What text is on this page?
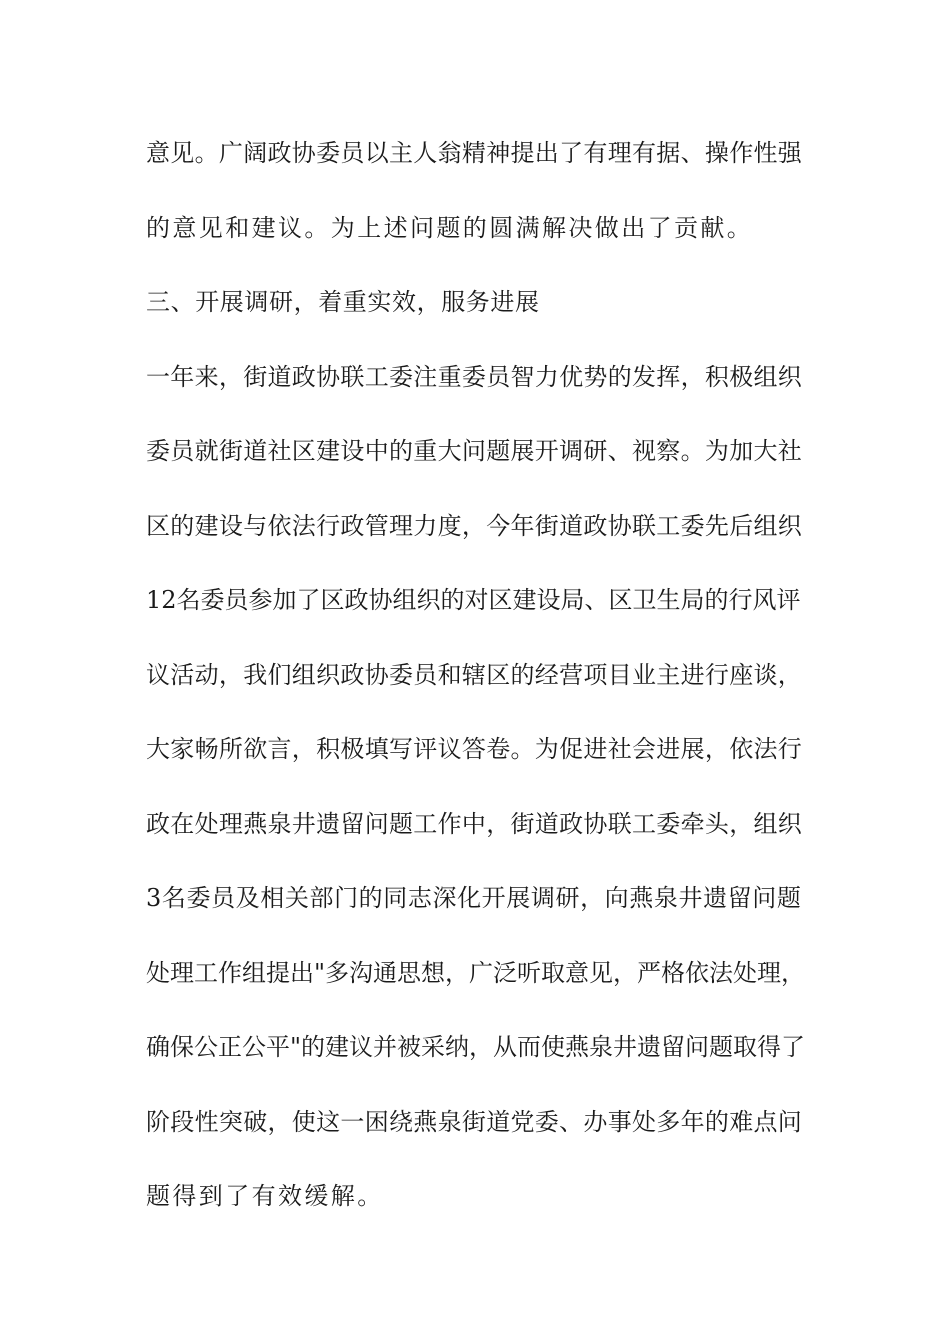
意见。广阔政协委员以主人翁精神提出了有理有据、操作性强
的意见和建议。为上述问题的圆满解决做出了贡献。
三、开展调研，着重实效，服务进展
一年来，街道政协联工委注重委员智力优势的发挥，积极组织
委员就街道社区建设中的重大问题展开调研、视察。为加大社
区的建设与依法行政管理力度，今年街道政协联工委先后组织
12名委员参加了区政协组织的对区建设局、区卫生局的行风评
议活动，我们组织政协委员和辖区的经营项目业主进行座谈，
大家畅所欲言，积极填写评议答卷。为促进社会进展，依法行
政在处理燕泉井遗留问题工作中，街道政协联工委牵头，组织
3名委员及相关部门的同志深化开展调研，向燕泉井遗留问题
处理工作组提出"多沟通思想，广泛听取意见，严格依法处理，
确保公正公平"的建议并被采纳，从而使燕泉井遗留问题取得了
阶段性突破，使这一困绕燕泉街道党委、办事处多年的难点问
题得到了有效缓解。
